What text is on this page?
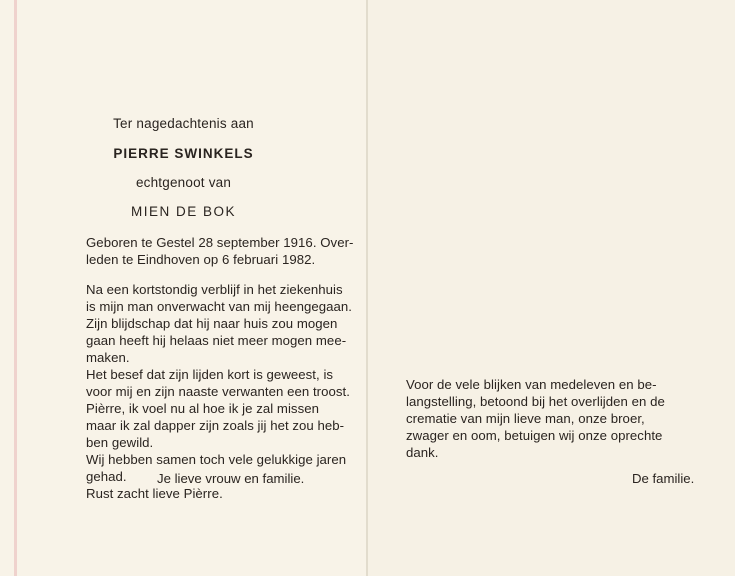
Ter nagedachtenis aan
PIERRE SWINKELS
echtgenoot van
MIEN DE BOK
Geboren te Gestel 28 september 1916. Over-
leden te Eindhoven op 6 februari 1982.
Na een kortstondig verblijf in het ziekenhuis
is mijn man onverwacht van mij heengegaan.
Zijn blijdschap dat hij naar huis zou mogen
gaan heeft hij helaas niet meer mogen mee-
maken.
Het besef dat zijn lijden kort is geweest, is
voor mij en zijn naaste verwanten een troost.
Pièrre, ik voel nu al hoe ik je zal missen
maar ik zal dapper zijn zoals jij het zou heb-
ben gewild.
Wij hebben samen toch vele gelukkige jaren
gehad.
Rust zacht lieve Pièrre.
Je lieve vrouw en familie.
Voor de vele blijken van medeleven en be-
langstelling, betoond bij het overlijden en de
crematie van mijn lieve man, onze broer,
zwager en oom, betuigen wij onze oprechte
dank.
De familie.
